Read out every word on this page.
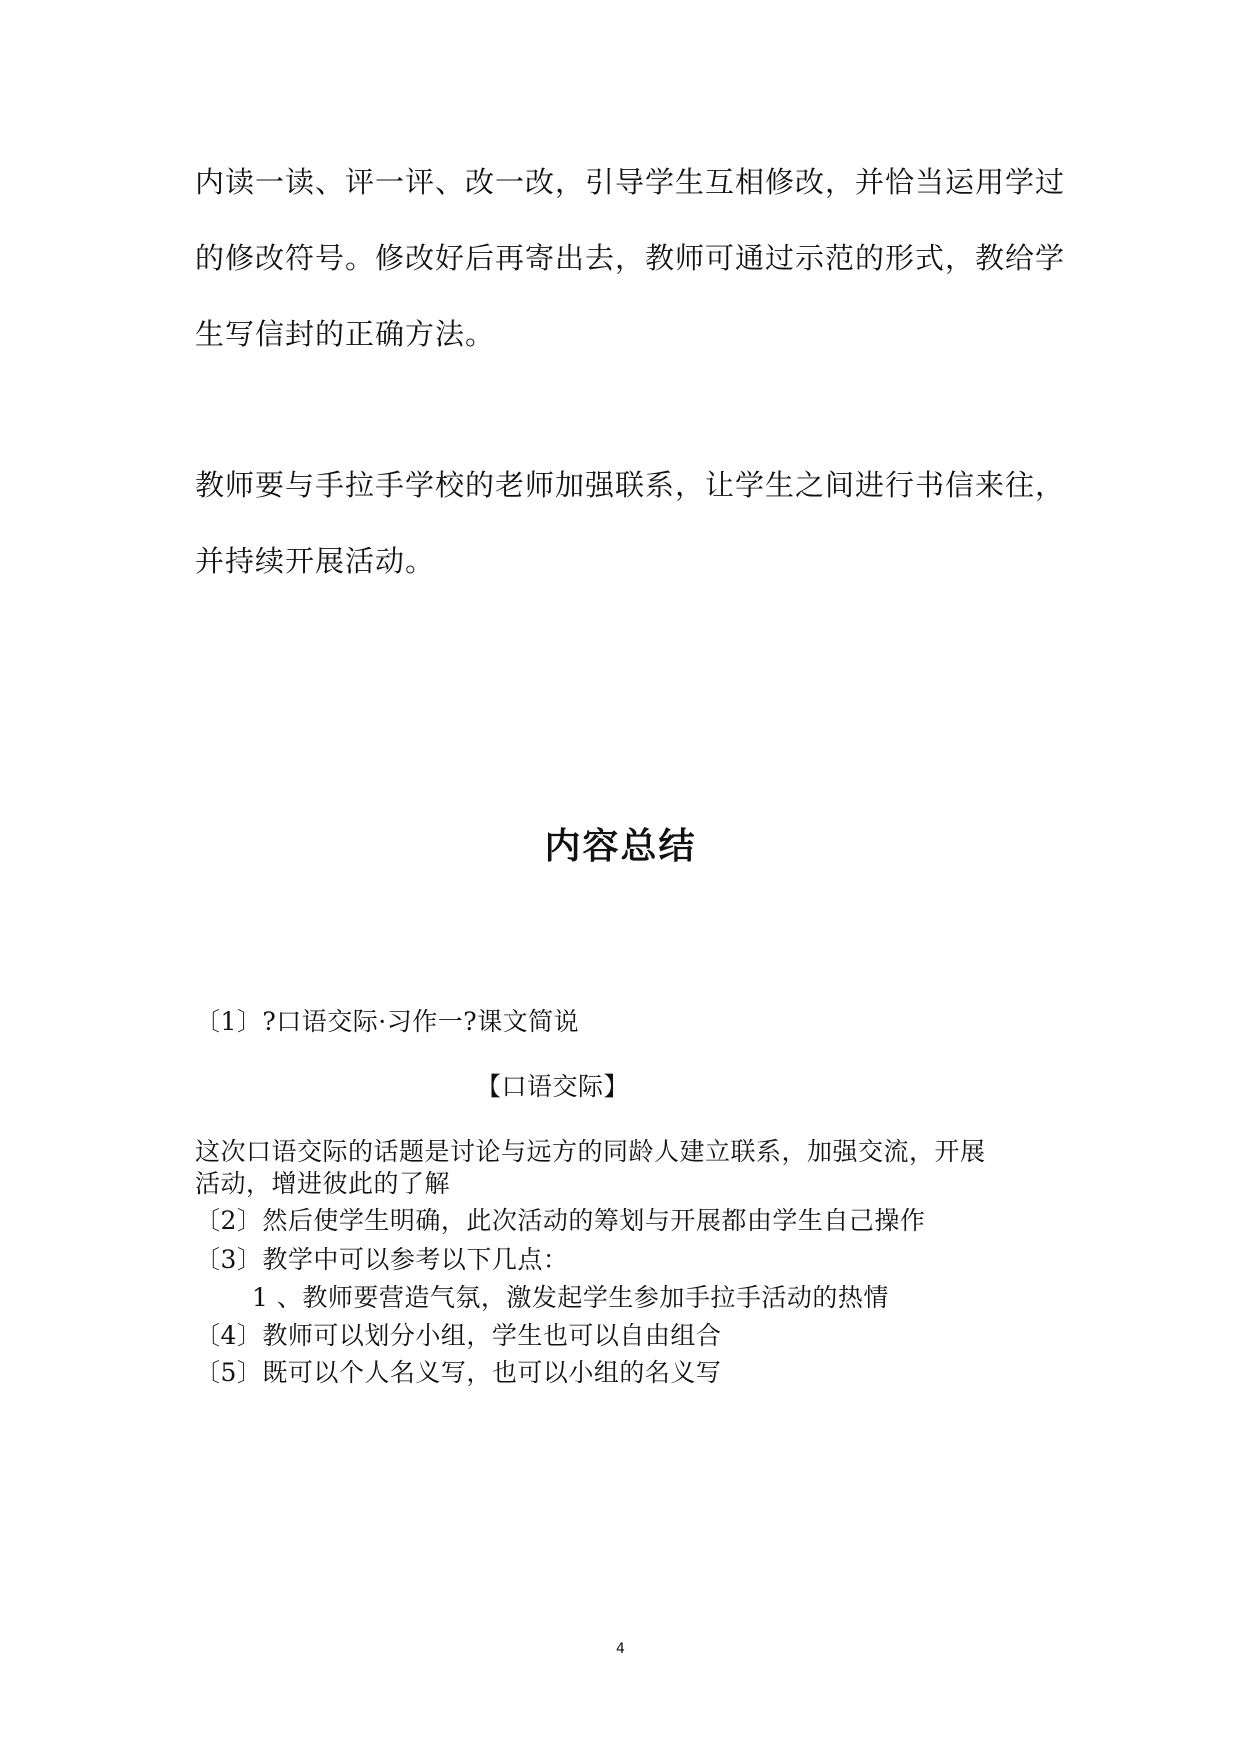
内读一读、评一评、改一改，引导学生互相修改，并恰当运用学过
的修改符号。修改好后再寄出去，教师可通过示范的形式，教给学
生写信封的正确方法。
教师要与手拉手学校的老师加强联系，让学生之间进行书信来往，
并持续开展活动。
内容总结
〔1〕?口语交际·习作一?课文简说
【口语交际】
这次口语交际的话题是讨论与远方的同龄人建立联系，加强交流，开展
活动，增进彼此的了解
〔2〕然后使学生明确，此次活动的筹划与开展都由学生自己操作
〔3〕教学中可以参考以下几点：
1 、教师要营造气氛，激发起学生参加手拉手活动的热情
〔4〕教师可以划分小组，学生也可以自由组合
〔5〕既可以个人名义写，也可以小组的名义写
4
